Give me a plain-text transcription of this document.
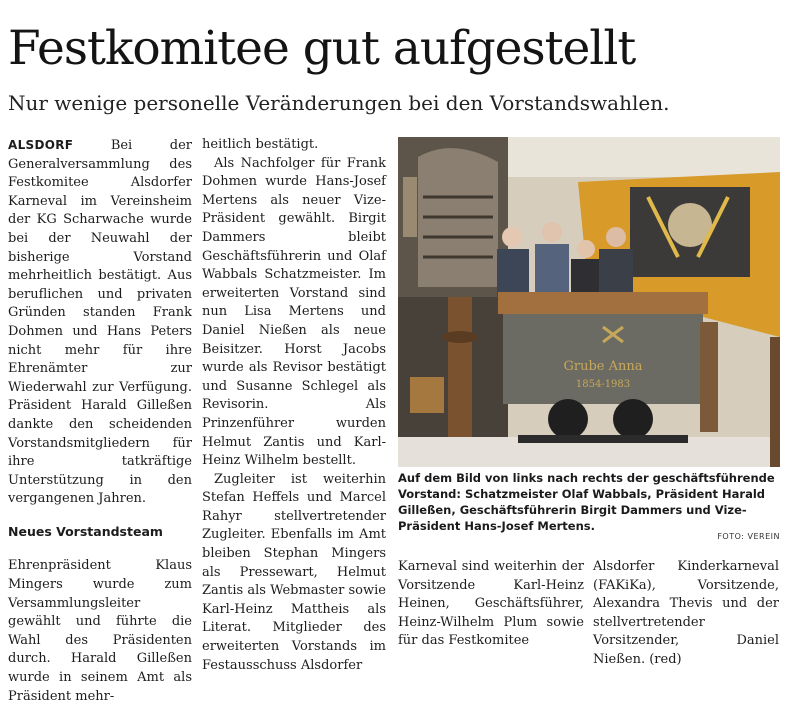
Festkomitee gut aufgestellt
Nur wenige personelle Veränderungen bei den Vorstandswahlen.

ALSDORF	Bei der Generalversammlung des Festkomitee Alsdorfer Karneval im Vereinsheim der KG Scharwache wurde bei der Neuwahl der bisherige Vorstand mehrheitlich bestätigt. Aus beruflichen und privaten Gründen standen Frank Dohmen und Hans Peters nicht mehr für ihre Ehrenämter zur Wiederwahl zur Verfügung. Präsident Harald Gilleßen dankte den scheidenden Vorstandsmitgliedern für ihre tatkräftige Unterstützung in den vergangenen Jahren.

Neues Vorstandsteam

Ehrenpräsident Klaus Mingers wurde zum Versammlungsleiter gewählt und führte die Wahl des Präsidenten durch. Harald Gilleßen wurde in seinem Amt als Präsident mehr-

heitlich bestätigt.

Als Nachfolger für Frank Dohmen wurde Hans-Josef Mertens als neuer Vize-Präsident gewählt. Birgit Dammers bleibt Geschäftsführerin und Olaf Wabbals Schatzmeister. Im erweiterten Vorstand sind nun Lisa Mertens und Daniel Nießen als neue Beisitzer. Horst Jacobs wurde als Revisor bestätigt und Susanne Schlegel als Revisorin. Als Prinzenführer wurden Helmut Zantis und Karl-Heinz Wilhelm bestellt.

Zugleiter ist weiterhin Stefan Heffels und Marcel Rahyr stellvertretender Zugleiter. Ebenfalls im Amt bleiben Stephan Mingers als Pressewart, Helmut Zantis als Webmaster sowie Karl-Heinz Mattheis als Literat. Mitglieder des erweiterten Vorstands im Festausschuss Alsdorfer

Grube Anna
1854-1983
Auf dem Bild von links nach rechts der geschäftsführende Vorstand: Schatzmeister Olaf Wabbals, Präsident Harald Gilleßen, Geschäftsführerin Birgit Dammers und Vize-Präsident Hans-Josef Mertens.
FOTO: VEREIN

Karneval sind weiterhin der Vorsitzende Karl-Heinz Heinen, Geschäftsführer, Heinz-Wilhelm Plum sowie für das Festkomitee

Alsdorfer Kinderkarneval (FAKiKa), Vorsitzende, Alexandra Thevis und der stellvertretender Vorsitzender, Daniel Nießen. (red)
